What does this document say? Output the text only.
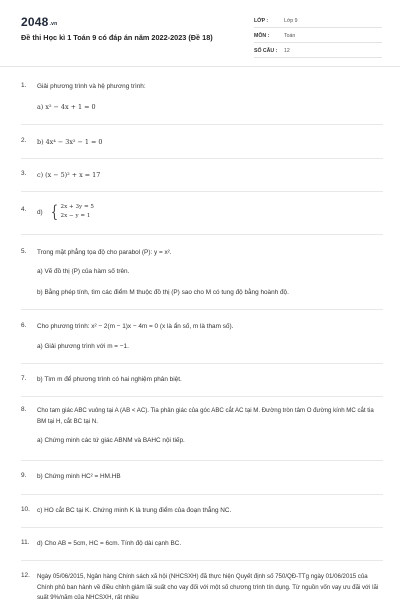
2048.vn
Đề thi Học kì 1 Toán 9 có đáp án năm 2022-2023 (Đề 18)
LỚP :	Lớp 9
MÔN :	Toán
SỐ CÂU : 12
1.	Giải phương trình và hệ phương trình:
a) x² − 4x + 1 = 0
2.	b) 4x⁴ − 3x² − 1 = 0
3.	c) (x − 5)² + x = 17
4.	d) { 2x + 3y = 5
2x − y = 1
5.	Trong mặt phẳng tọa độ cho parabol (P): y = x².
a) Vẽ đồ thị (P) của hàm số trên.
b) Bằng phép tính, tìm các điểm M thuộc đồ thị (P) sao cho M có tung độ bằng hoành độ.
6.	Cho phương trình: x² − 2(m − 1)x − 4m = 0 (x là ẩn số, m là tham số).
a) Giải phương trình với m = −1.
7.	b) Tìm m để phương trình có hai nghiệm phân biệt.
8.	Cho tam giác ABC vuông tại A (AB < AC). Tia phân giác của góc ABC cắt AC tại M. Đường tròn tâm O đường kính MC cắt tia BM tại H, cắt BC tại N.
a) Chứng minh các tứ giác ABNM và BAHC nội tiếp.
9.	b) Chứng minh HC² = HM.HB
10.	c) HO cắt BC tại K. Chứng minh K là trung điểm của đoạn thẳng NC.
11.	d) Cho AB = 5cm, HC = 6cm. Tính độ dài cạnh BC.
12.	Ngày 05/06/2015, Ngân hàng Chính sách xã hội (NHCSXH) đã thực hiện Quyết định số 750/QĐ-TTg ngày 01/06/2015 của Chính phủ ban hành về điều chỉnh giảm lãi suất cho vay đối với một số chương trình tín dụng. Từ nguồn vốn vay ưu đãi với lãi suất 9%/năm của NHCSXH, rất nhiều
